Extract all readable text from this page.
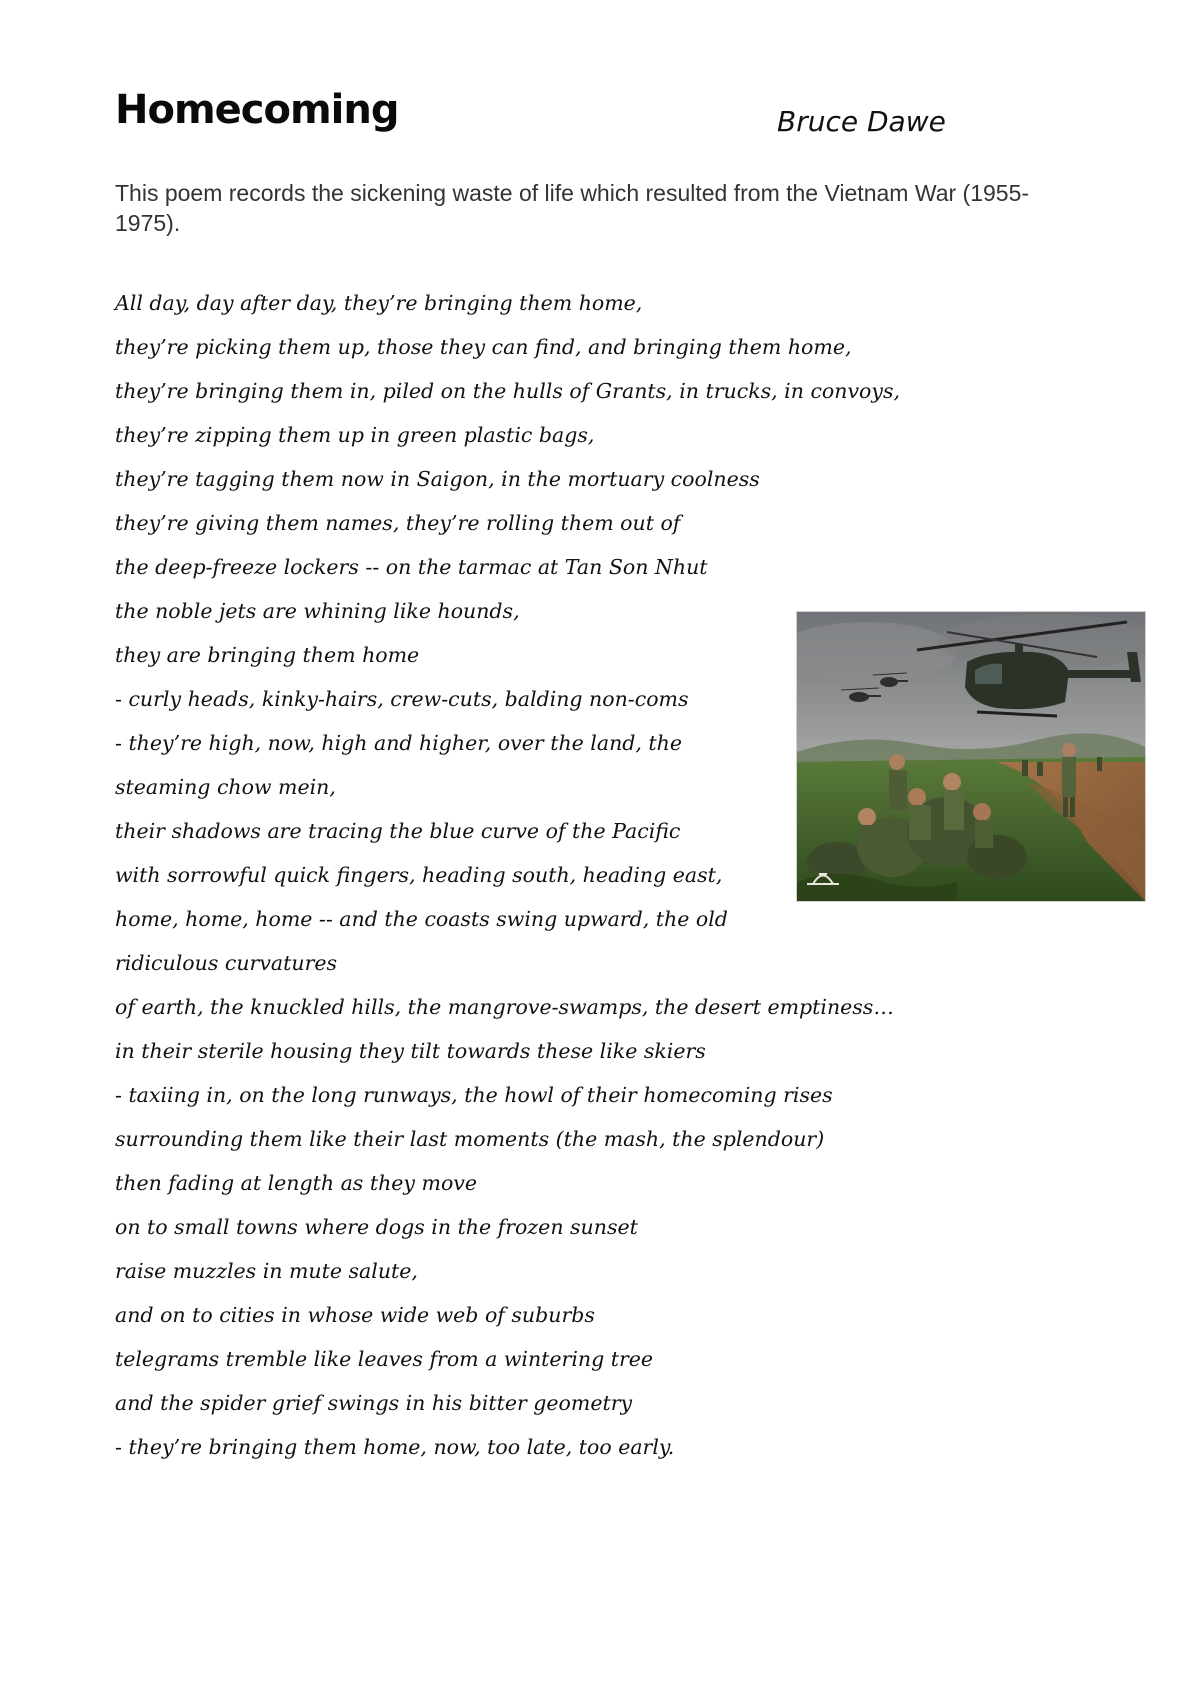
Homecoming	Bruce Dawe

This poem records the sickening waste of life which resulted from the Vietnam War (1955-1975).

All day, day after day, they’re bringing them home,
they’re picking them up, those they can find, and bringing them home,
they’re bringing them in, piled on the hulls of Grants, in trucks, in convoys,
they’re zipping them up in green plastic bags,
they’re tagging them now in Saigon, in the mortuary coolness
they’re giving them names, they’re rolling them out of
the deep-freeze lockers -- on the tarmac at Tan Son Nhut
the noble jets are whining like hounds,
they are bringing them home
- curly heads, kinky-hairs, crew-cuts, balding non-coms
- they’re high, now, high and higher, over the land, the
steaming chow mein,
their shadows are tracing the blue curve of the Pacific
with sorrowful quick fingers, heading south, heading east,
home, home, home -- and the coasts swing upward, the old
ridiculous curvatures
of earth, the knuckled hills, the mangrove-swamps, the desert emptiness…
in their sterile housing they tilt towards these like skiers
- taxiing in, on the long runways, the howl of their homecoming rises
surrounding them like their last moments (the mash, the splendour)
then fading at length as they move
on to small towns where dogs in the frozen sunset
raise muzzles in mute salute,
and on to cities in whose wide web of suburbs
telegrams tremble like leaves from a wintering tree
and the spider grief swings in his bitter geometry
- they’re bringing them home, now, too late, too early.
